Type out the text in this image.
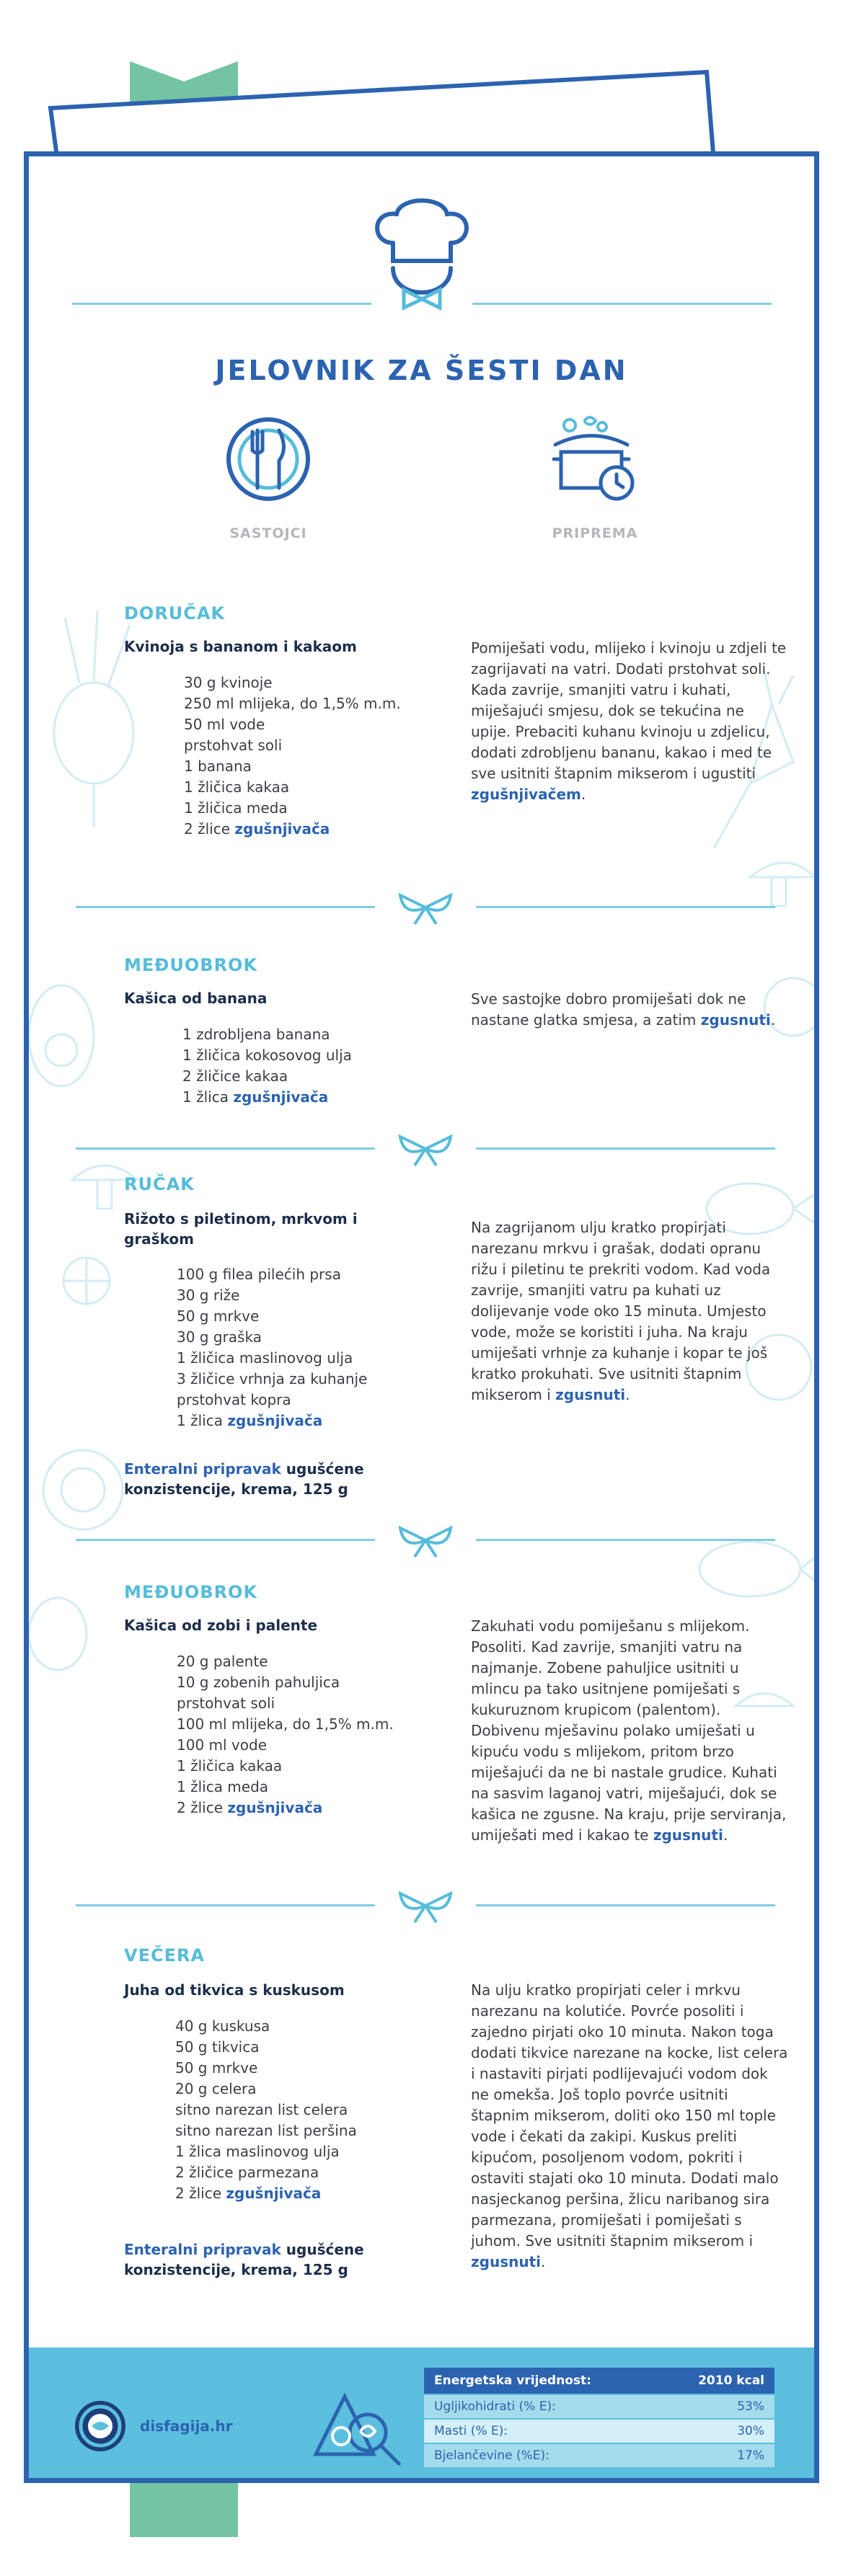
JELOVNIK ZA ŠESTI DAN
SASTOJCI	PRIPREMA
DORUČAK
Kvinoja s bananom i kakaom
30 g kvinoje
250 ml mlijeka, do 1,5% m.m.
50 ml vode
prstohvat soli
1 banana
1 žličica kakaa
1 žličica meda
2 žlice zgušnjivača
Pomiješati vodu, mlijeko i kvinoju u zdjeli te zagrijavati na vatri. Dodati prstohvat soli. Kada zavrije, smanjiti vatru i kuhati, miješajući smjesu, dok se tekućina ne upije. Prebaciti kuhanu kvinoju u zdjelicu, dodati zdrobljenu bananu, kakao i med te sve usitniti štapnim mikserom i ugustiti zgušnjivačem.
MEĐUOBROK
Kašica od banana
1 zdrobljena banana
1 žličica kokosovog ulja
2 žličice kakaa
1 žlica zgušnjivača
Sve sastojke dobro promiješati dok ne nastane glatka smjesa, a zatim zgusnuti.
RUČAK
Rižoto s piletinom, mrkvom i graškom
100 g filea pilećih prsa
30 g riže
50 g mrkve
30 g graška
1 žličica maslinovog ulja
3 žličice vrhnja za kuhanje
prstohvat kopra
1 žlica zgušnjivača
Na zagrijanom ulju kratko propirjati narezanu mrkvu i grašak, dodati opranu rižu i piletinu te prekriti vodom. Kad voda zavrije, smanjiti vatru pa kuhati uz dolijevanje vode oko 15 minuta. Umjesto vode, može se koristiti i juha. Na kraju umiješati vrhnje za kuhanje i kopar te još kratko prokuhati. Sve usitniti štapnim mikserom i zgusnuti.
Enteralni pripravak ugušćene konzistencije, krema, 125 g
MEĐUOBROK
Kašica od zobi i palente
20 g palente
10 g zobenih pahuljica
prstohvat soli
100 ml mlijeka, do 1,5% m.m.
100 ml vode
1 žličica kakaa
1 žlica meda
2 žlice zgušnjivača
Zakuhati vodu pomiješanu s mlijekom. Posoliti. Kad zavrije, smanjiti vatru na najmanje. Zobene pahuljice usitniti u mlincu pa tako usitnjene pomiješati s kukuruznom krupicom (palentom). Dobivenu mješavinu polako umiješati u kipuću vodu s mlijekom, pritom brzo miješajući da ne bi nastale grudice. Kuhati na sasvim laganoj vatri, miješajući, dok se kašica ne zgusne. Na kraju, prije serviranja, umiješati med i kakao te zgusnuti.
VEČERA
Juha od tikvica s kuskusom
40 g kuskusa
50 g tikvica
50 g mrkve
20 g celera
sitno narezan list celera
sitno narezan list peršina
1 žlica maslinovog ulja
2 žličice parmezana
2 žlice zgušnjivača
Na ulju kratko propirjati celer i mrkvu narezanu na kolutiće. Povrće posoliti i zajedno pirjati oko 10 minuta. Nakon toga dodati tikvice narezane na kocke, list celera i nastaviti pirjati podlijevajući vodom dok ne omekša. Još toplo povrće usitniti štapnim mikserom, doliti oko 150 ml tople vode i čekati da zakipi. Kuskus preliti kipućom, posoljenom vodom, pokriti i ostaviti stajati oko 10 minuta. Dodati malo nasjeckanog peršina, žlicu naribanog sira parmezana, promiješati i pomiješati s juhom. Sve usitniti štapnim mikserom i zgusnuti.
Enteralni pripravak ugušćene konzistencije, krema, 125 g
disfagija.hr
Energetska vrijednost:	2010 kcal
Ugljikohidrati (% E):	53%
Masti (% E):	30%
Bjelančevine (%E):	17%
